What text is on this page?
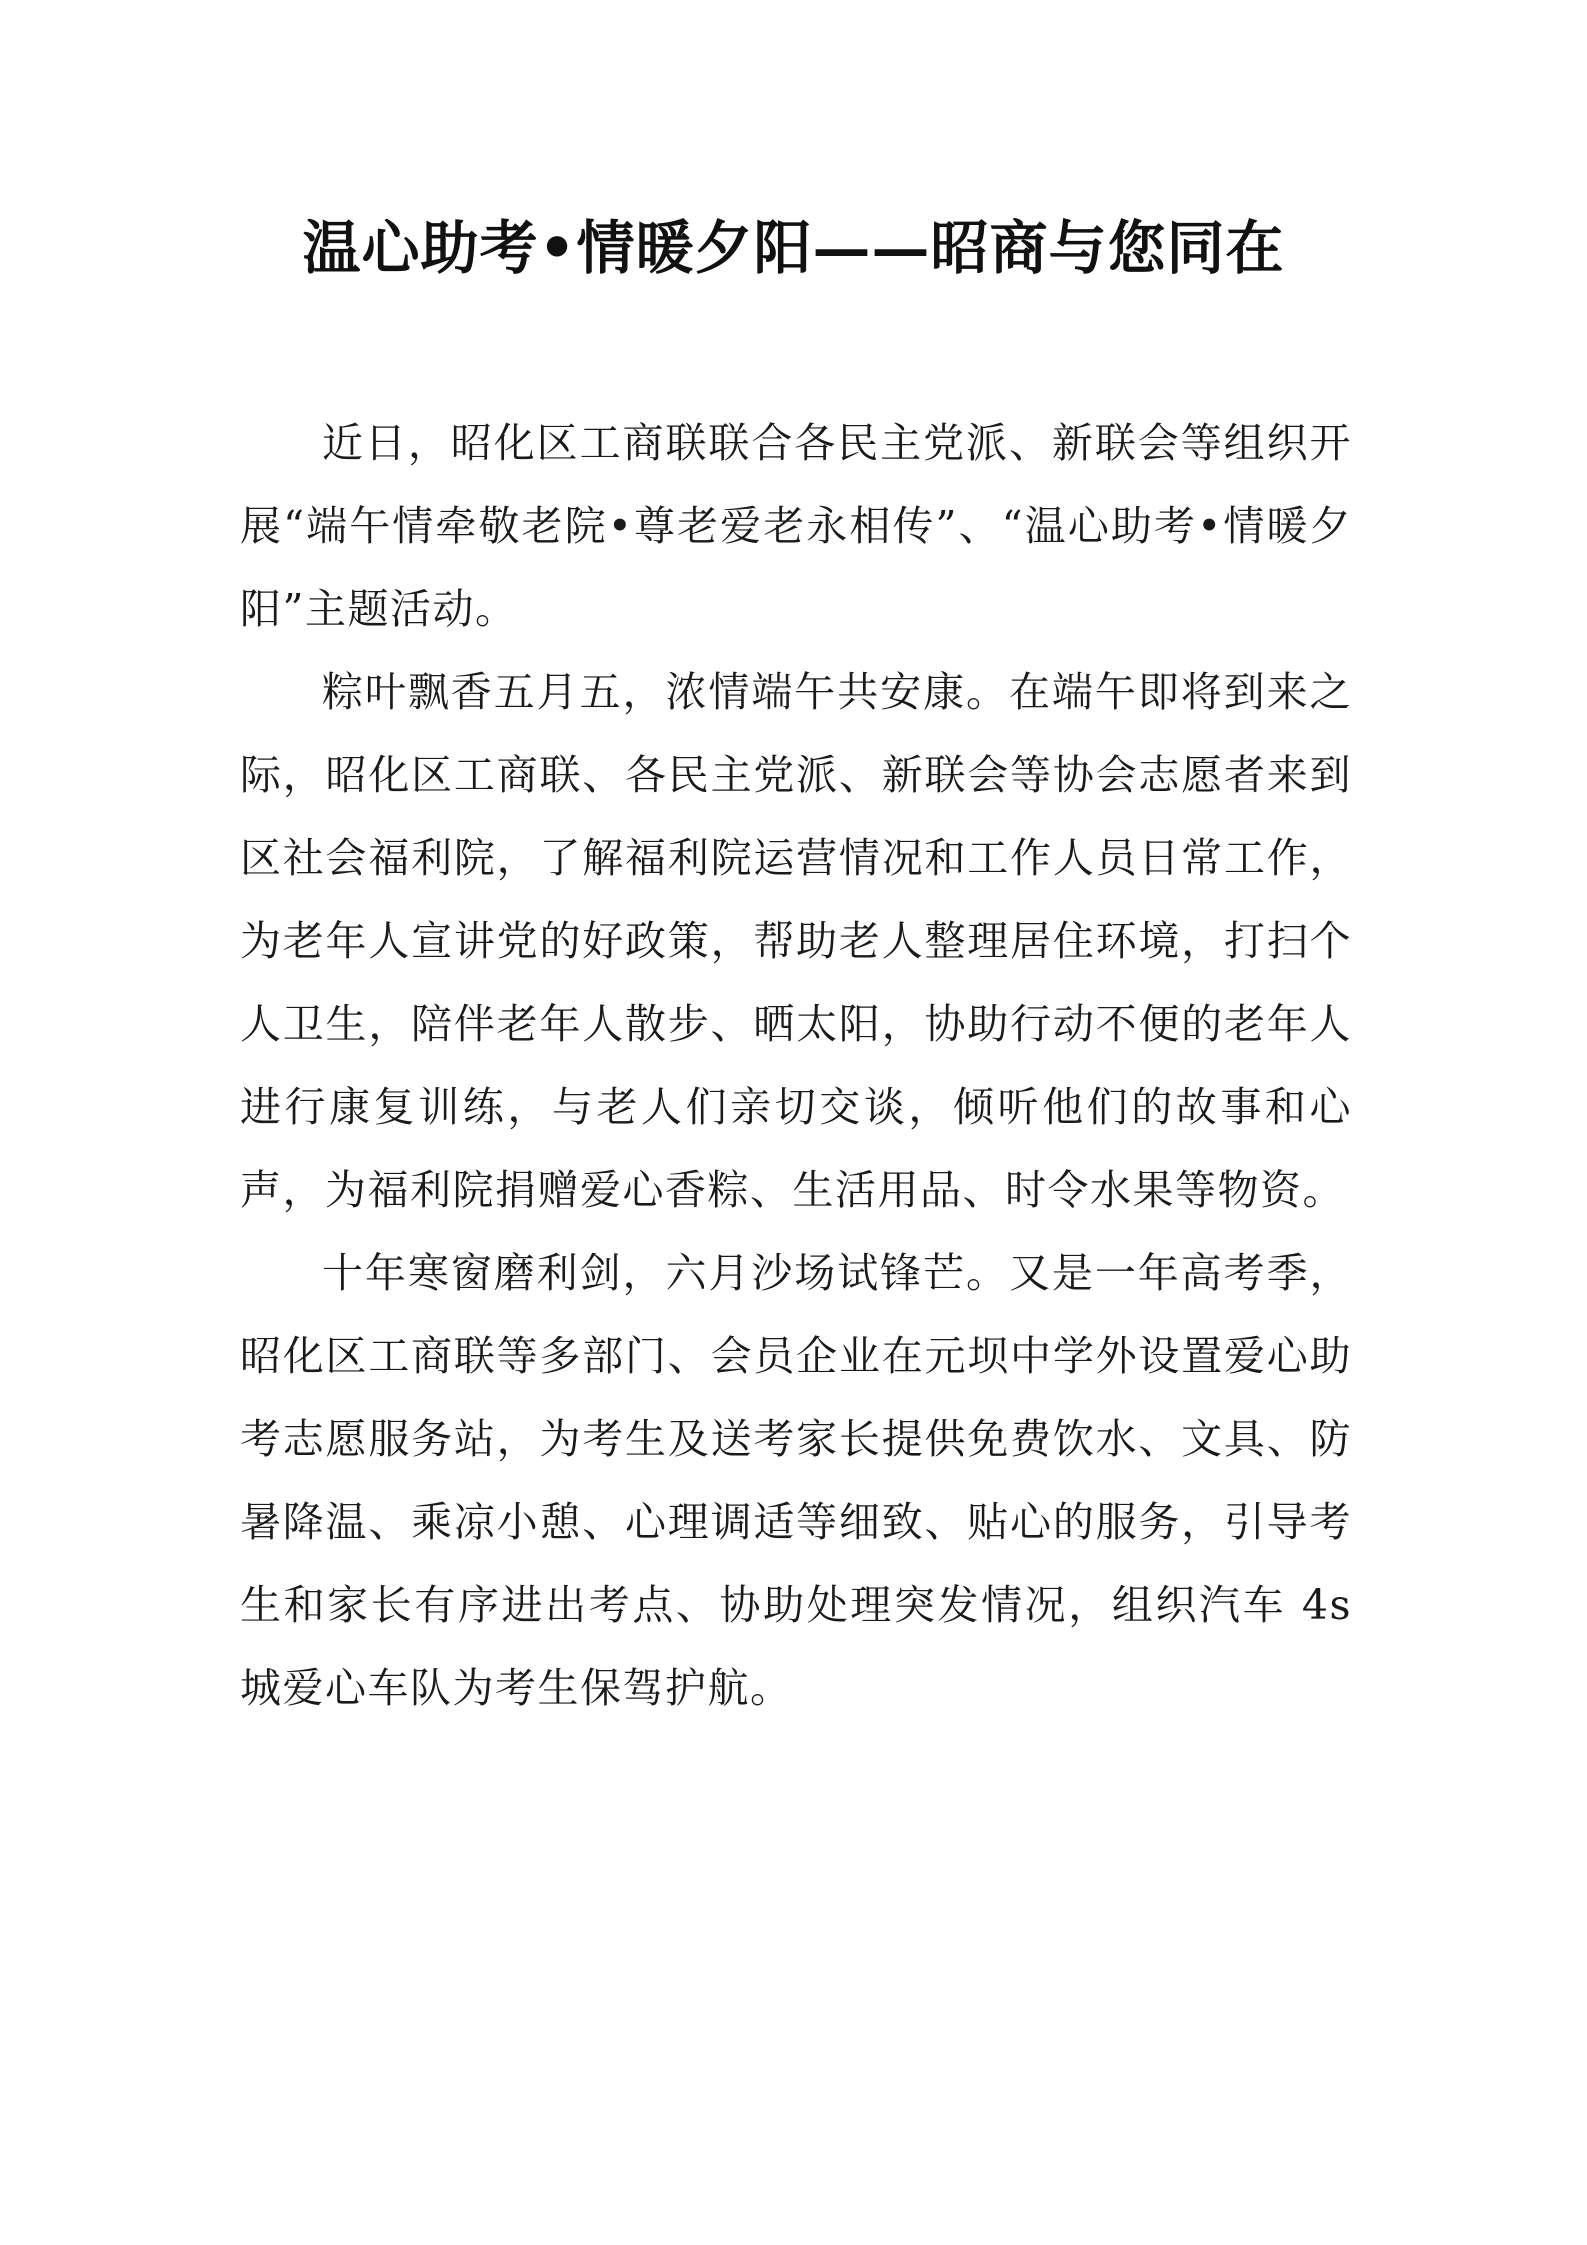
温心助考•情暖夕阳——昭商与您同在

近日，昭化区工商联联合各民主党派、新联会等组织开展“端午情牵敬老院•尊老爱老永相传”、“温心助考•情暖夕阳”主题活动。

粽叶飘香五月五，浓情端午共安康。在端午即将到来之际，昭化区工商联、各民主党派、新联会等协会志愿者来到区社会福利院，了解福利院运营情况和工作人员日常工作，为老年人宣讲党的好政策，帮助老人整理居住环境，打扫个人卫生，陪伴老年人散步、晒太阳，协助行动不便的老年人进行康复训练，与老人们亲切交谈，倾听他们的故事和心声，为福利院捐赠爱心香粽、生活用品、时令水果等物资。

十年寒窗磨利剑，六月沙场试锋芒。又是一年高考季，昭化区工商联等多部门、会员企业在元坝中学外设置爱心助考志愿服务站，为考生及送考家长提供免费饮水、文具、防暑降温、乘凉小憩、心理调适等细致、贴心的服务，引导考生和家长有序进出考点、协助处理突发情况，组织汽车 4s 城爱心车队为考生保驾护航。
